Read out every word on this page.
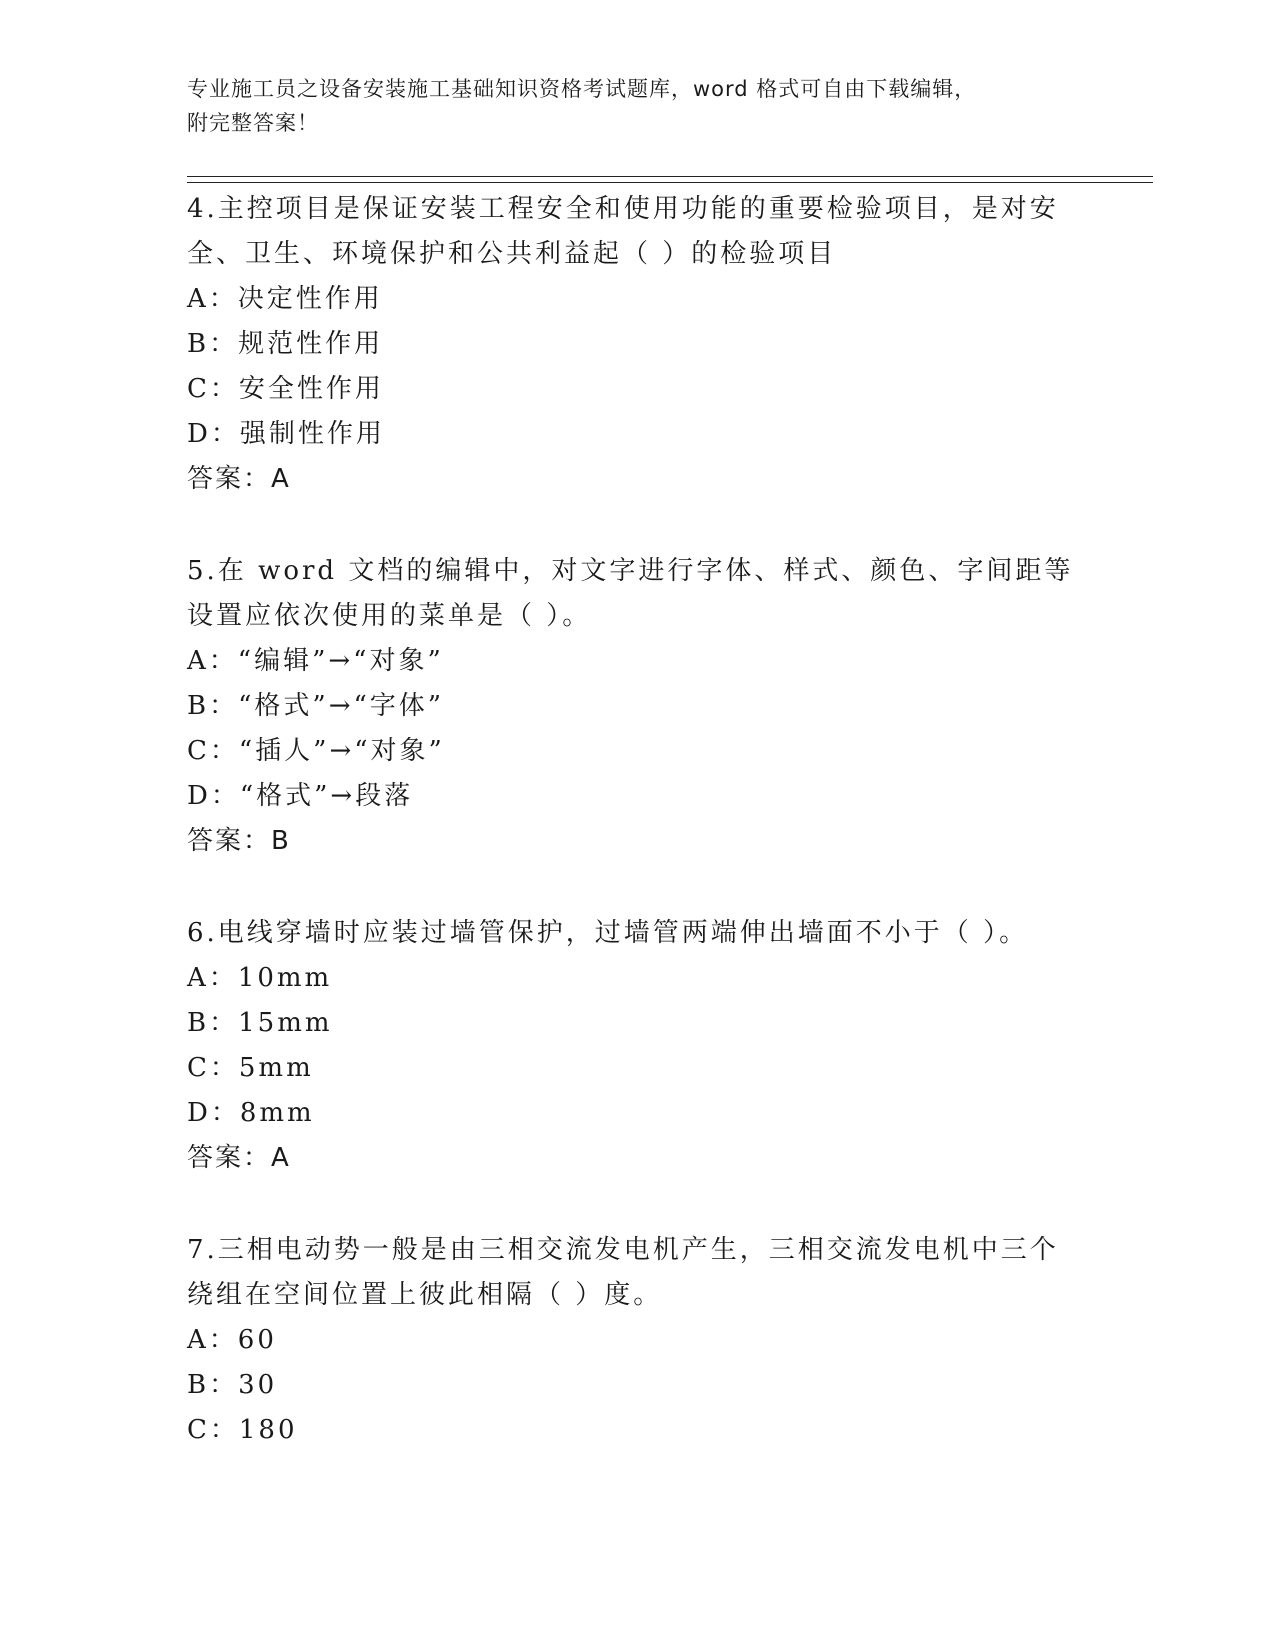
专业施工员之设备安装施工基础知识资格考试题库，word 格式可自由下载编辑，
附完整答案！
4.主控项目是保证安装工程安全和使用功能的重要检验项目，是对安全、卫生、环境保护和公共利益起（ ）的检验项目
A：决定性作用
B：规范性作用
C：安全性作用
D：强制性作用
答案：A
5.在 word 文档的编辑中，对文字进行字体、样式、颜色、字间距等设置应依次使用的菜单是（ ）。
A：“编辑”→“对象”
B：“格式”→“字体”
C：“插人”→“对象”
D：“格式”→段落
答案：B
6.电线穿墙时应装过墙管保护，过墙管两端伸出墙面不小于（ ）。
A：10mm
B：15mm
C：5mm
D：8mm
答案：A
7.三相电动势一般是由三相交流发电机产生，三相交流发电机中三个绕组在空间位置上彼此相隔（ ）度。
A：60
B：30
C：180
